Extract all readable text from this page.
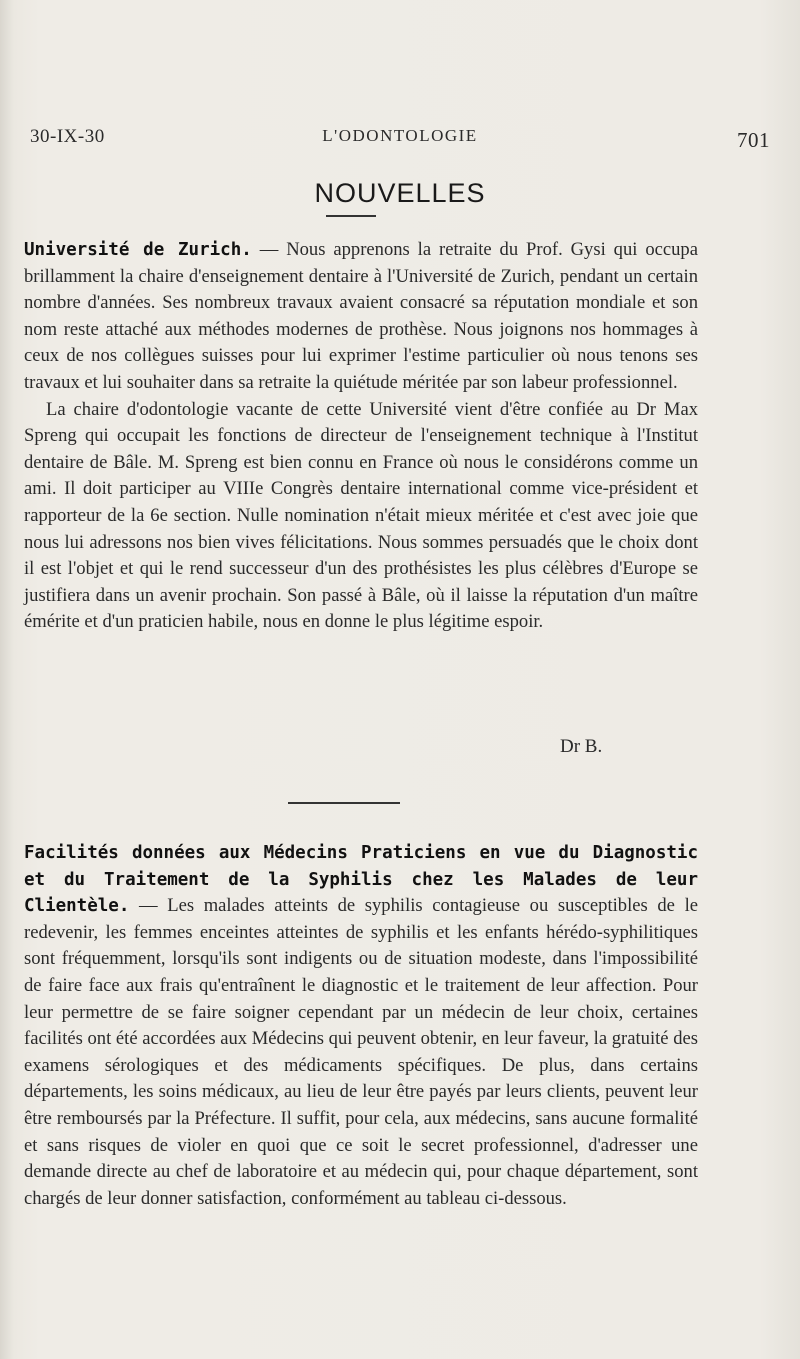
30-IX-30	L'ODONTOLOGIE	701
NOUVELLES

Université de Zurich. — Nous apprenons la retraite du Prof. Gysi qui occupa brillamment la chaire d'enseignement dentaire à l'Université de Zurich, pendant un certain nombre d'années. Ses nombreux travaux avaient consacré sa réputation mondiale et son nom reste attaché aux méthodes modernes de prothèse. Nous joignons nos hommages à ceux de nos collègues suisses pour lui exprimer l'estime particulier où nous tenons ses travaux et lui souhaiter dans sa retraite la quiétude méritée par son labeur professionnel.

La chaire d'odontologie vacante de cette Université vient d'être confiée au Dr Max Spreng qui occupait les fonctions de directeur de l'enseignement technique à l'Institut dentaire de Bâle. M. Spreng est bien connu en France où nous le considérons comme un ami. Il doit participer au VIIIe Congrès dentaire international comme vice-président et rapporteur de la 6e section. Nulle nomination n'était mieux méritée et c'est avec joie que nous lui adressons nos bien vives félicitations. Nous sommes persuadés que le choix dont il est l'objet et qui le rend successeur d'un des prothésistes les plus célèbres d'Europe se justifiera dans un avenir prochain. Son passé à Bâle, où il laisse la réputation d'un maître émérite et d'un praticien habile, nous en donne le plus légitime espoir.

Dr B.

Facilités données aux Médecins Praticiens en vue du Diagnostic et du Traitement de la Syphilis chez les Malades de leur Clientèle. — Les malades atteints de syphilis contagieuse ou susceptibles de le redevenir, les femmes enceintes atteintes de syphilis et les enfants hérédo-syphilitiques sont fréquemment, lorsqu'ils sont indigents ou de situation modeste, dans l'impossibilité de faire face aux frais qu'entraînent le diagnostic et le traitement de leur affection. Pour leur permettre de se faire soigner cependant par un médecin de leur choix, certaines facilités ont été accordées aux Médecins qui peuvent obtenir, en leur faveur, la gratuité des examens sérologiques et des médicaments spécifiques. De plus, dans certains départements, les soins médicaux, au lieu de leur être payés par leurs clients, peuvent leur être remboursés par la Préfecture. Il suffit, pour cela, aux médecins, sans aucune formalité et sans risques de violer en quoi que ce soit le secret professionnel, d'adresser une demande directe au chef de laboratoire et au médecin qui, pour chaque département, sont chargés de leur donner satisfaction, conformément au tableau ci-dessous.
